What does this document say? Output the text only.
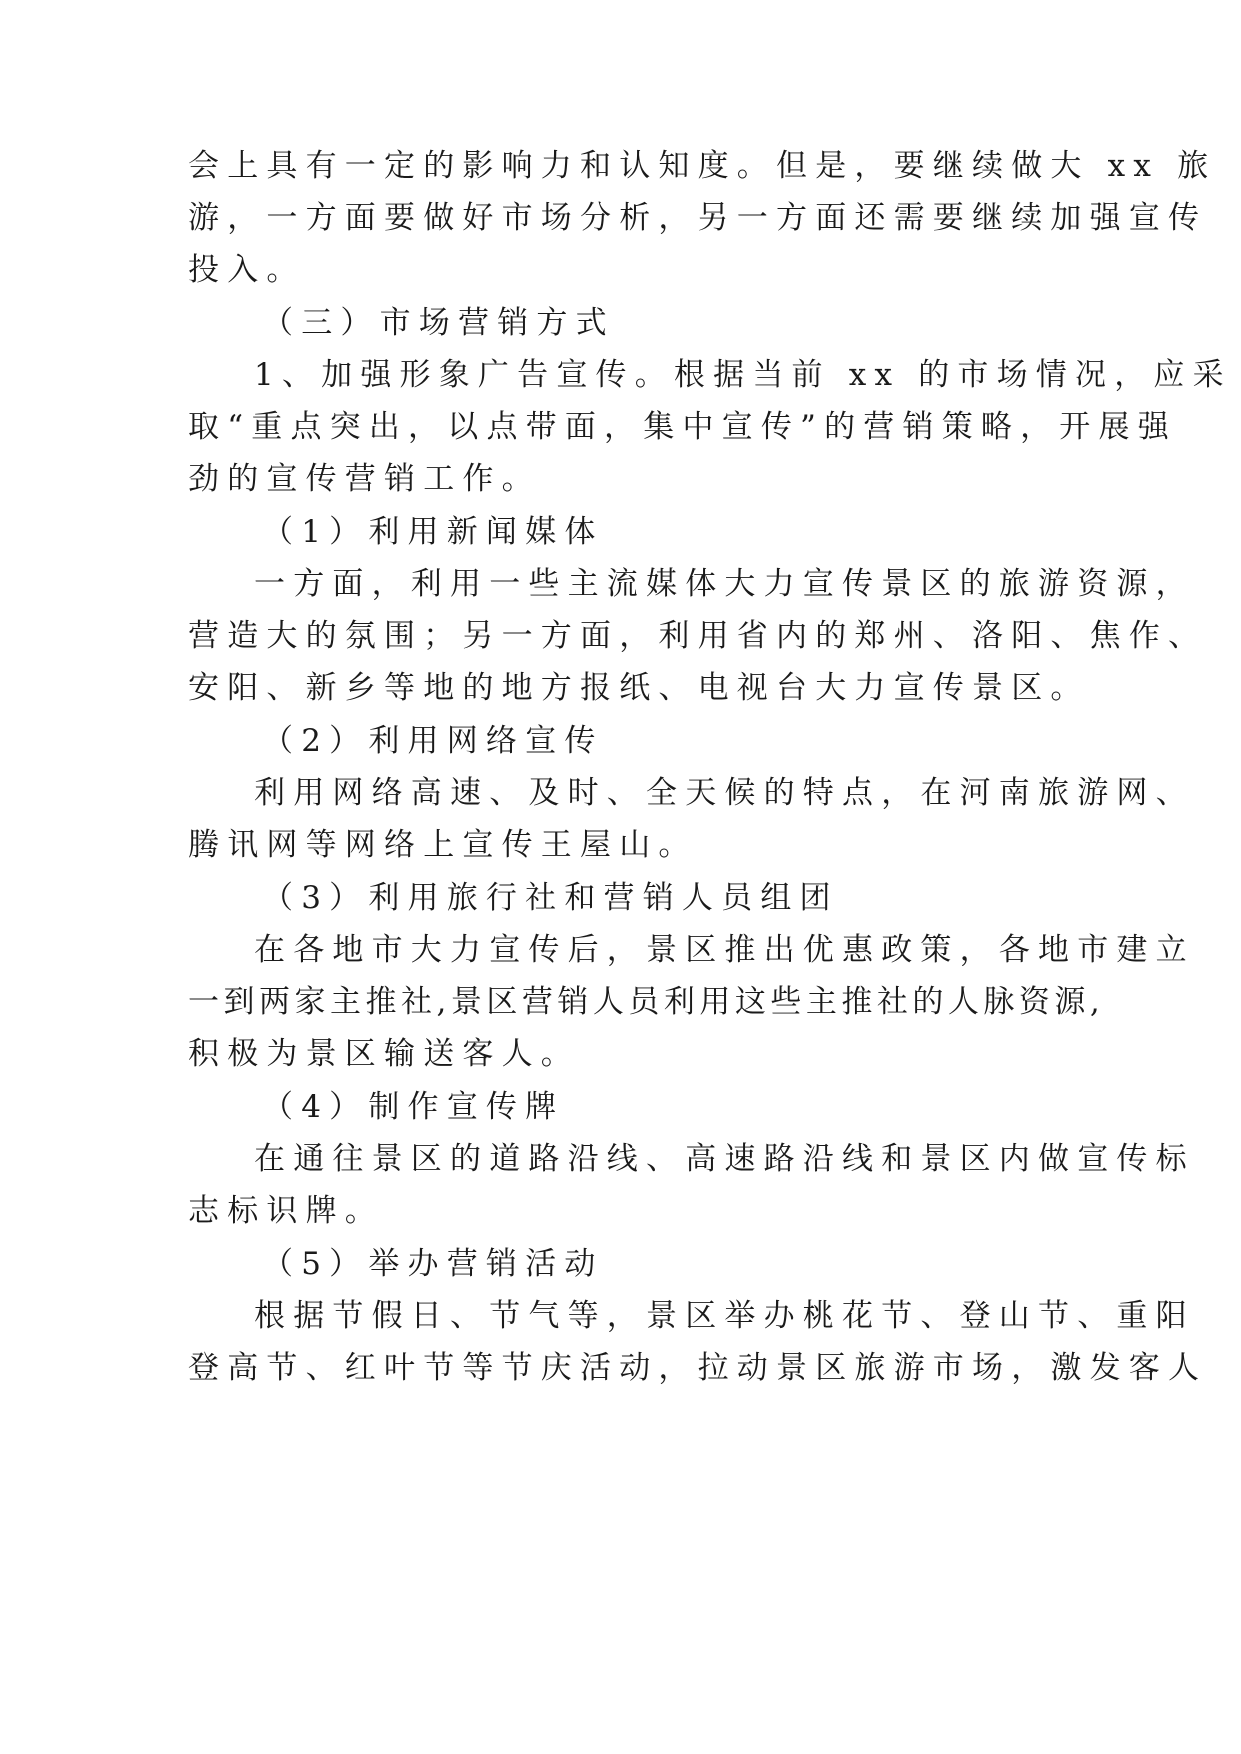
会上具有一定的影响力和认知度。但是，要继续做大 xx 旅
游，一方面要做好市场分析，另一方面还需要继续加强宣传
投入。
（三）市场营销方式
1、加强形象广告宣传。根据当前 xx 的市场情况，应采
取“重点突出，以点带面，集中宣传”的营销策略，开展强
劲的宣传营销工作。
（1）利用新闻媒体
一方面，利用一些主流媒体大力宣传景区的旅游资源，
营造大的氛围；另一方面，利用省内的郑州、洛阳、焦作、
安阳、新乡等地的地方报纸、电视台大力宣传景区。
（2）利用网络宣传
利用网络高速、及时、全天候的特点，在河南旅游网、
腾讯网等网络上宣传王屋山。
（3）利用旅行社和营销人员组团
在各地市大力宣传后，景区推出优惠政策，各地市建立
一到两家主推社,景区营销人员利用这些主推社的人脉资源,
积极为景区输送客人。
（4）制作宣传牌
在通往景区的道路沿线、高速路沿线和景区内做宣传标
志标识牌。
（5）举办营销活动
根据节假日、节气等，景区举办桃花节、登山节、重阳
登高节、红叶节等节庆活动，拉动景区旅游市场，激发客人
